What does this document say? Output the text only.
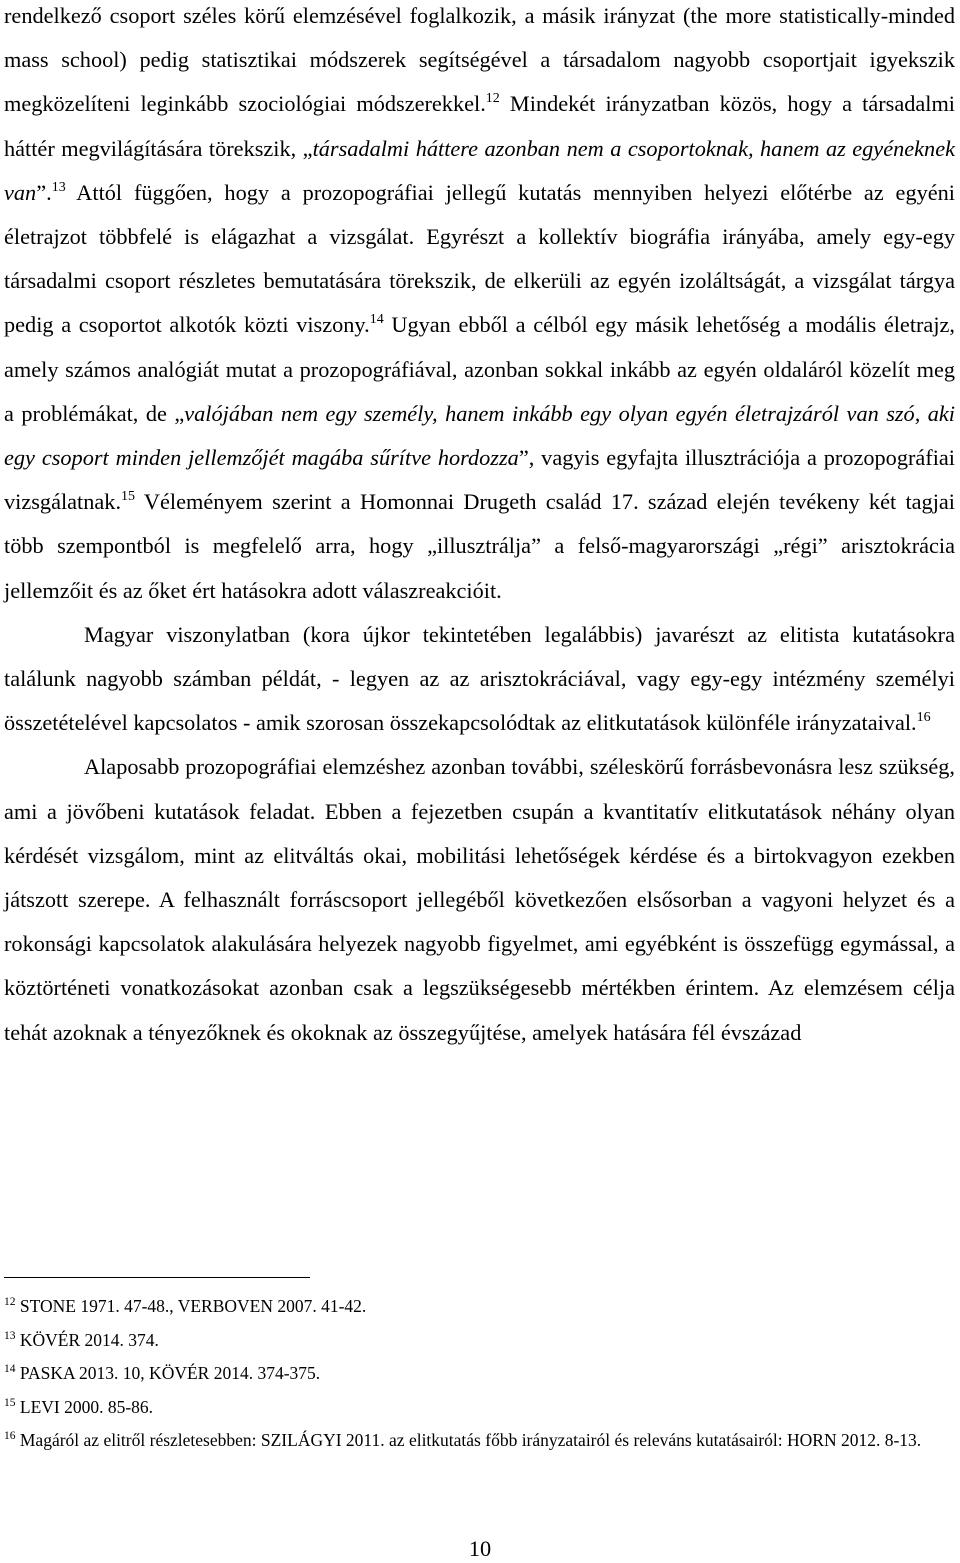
rendelkező csoport széles körű elemzésével foglalkozik, a másik irányzat (the more statistically-minded mass school) pedig statisztikai módszerek segítségével a társadalom nagyobb csoportjait igyekszik megközelíteni leginkább szociológiai módszerekkel.$^{12}$ Mindekét irányzatban közös, hogy a társadalmi háttér megvilágítására törekszik, „társadalmi háttere azonban nem a csoportoknak, hanem az egyéneknek van”.$^{13}$ Attól függően, hogy a prozopográfiai jellegű kutatás mennyiben helyezi előtérbe az egyéni életrajzot többfelé is elágazhat a vizsgálat. Egyrészt a kollektív biográfia irányába, amely egy-egy társadalmi csoport részletes bemutatására törekszik, de elkerüli az egyén izoláltságát, a vizsgálat tárgya pedig a csoportot alkotók közti viszony.$^{14}$ Ugyan ebből a célból egy másik lehetőség a modális életrajz, amely számos analógiát mutat a prozopográfiával, azonban sokkal inkább az egyén oldaláról közelít meg a problémákat, de „valójában nem egy személy, hanem inkább egy olyan egyén életrajzáról van szó, aki egy csoport minden jellemzőjét magába sűrítve hordozza”, vagyis egyfajta illusztrációja a prozopográfiai vizsgálatnak.$^{15}$ Véleményem szerint a Homonnai Drugeth család 17. század elején tevékeny két tagjai több szempontból is megfelelő arra, hogy „illusztrálja” a felső-magyarországi „régi” arisztokrácia jellemzőit és az őket ért hatásokra adott válaszreakcióit.

Magyar viszonylatban (kora újkor tekintetében legalábbis) javarészt az elitista kutatásokra találunk nagyobb számban példát, - legyen az az arisztokráciával, vagy egy-egy intézmény személyi összetételével kapcsolatos - amik szorosan összekapcsolódtak az elitkutatások különféle irányzataival.$^{16}$

Alaposabb prozopográfiai elemzéshez azonban további, széleskörű forrásbevonásra lesz szükség, ami a jövőbeni kutatások feladat. Ebben a fejezetben csupán a kvantitatív elitkutatások néhány olyan kérdését vizsgálom, mint az elitváltás okai, mobilitási lehetőségek kérdése és a birtokvagyon ezekben játszott szerepe. A felhasznált forráscsoport jellegéből következően elsősorban a vagyoni helyzet és a rokonsági kapcsolatok alakulására helyezek nagyobb figyelmet, ami egyébként is összefügg egymással, a köztörténeti vonatkozásokat azonban csak a legszükségesebb mértékben érintem. Az elemzésem célja tehát azoknak a tényezőknek és okoknak az összegyűjtése, amelyek hatására fél évszázad

$^{12}$ STONE 1971. 47-48., VERBOVEN 2007. 41-42.

$^{13}$ KÖVÉR 2014. 374.

$^{14}$ PASKA 2013. 10, KÖVÉR 2014. 374-375.

$^{15}$ LEVI 2000. 85-86.

$^{16}$ Magáról az elitről részletesebben: SZILÁGYI 2011. az elitkutatás főbb irányzatairól és releváns kutatásairól: HORN 2012. 8-13.

10
